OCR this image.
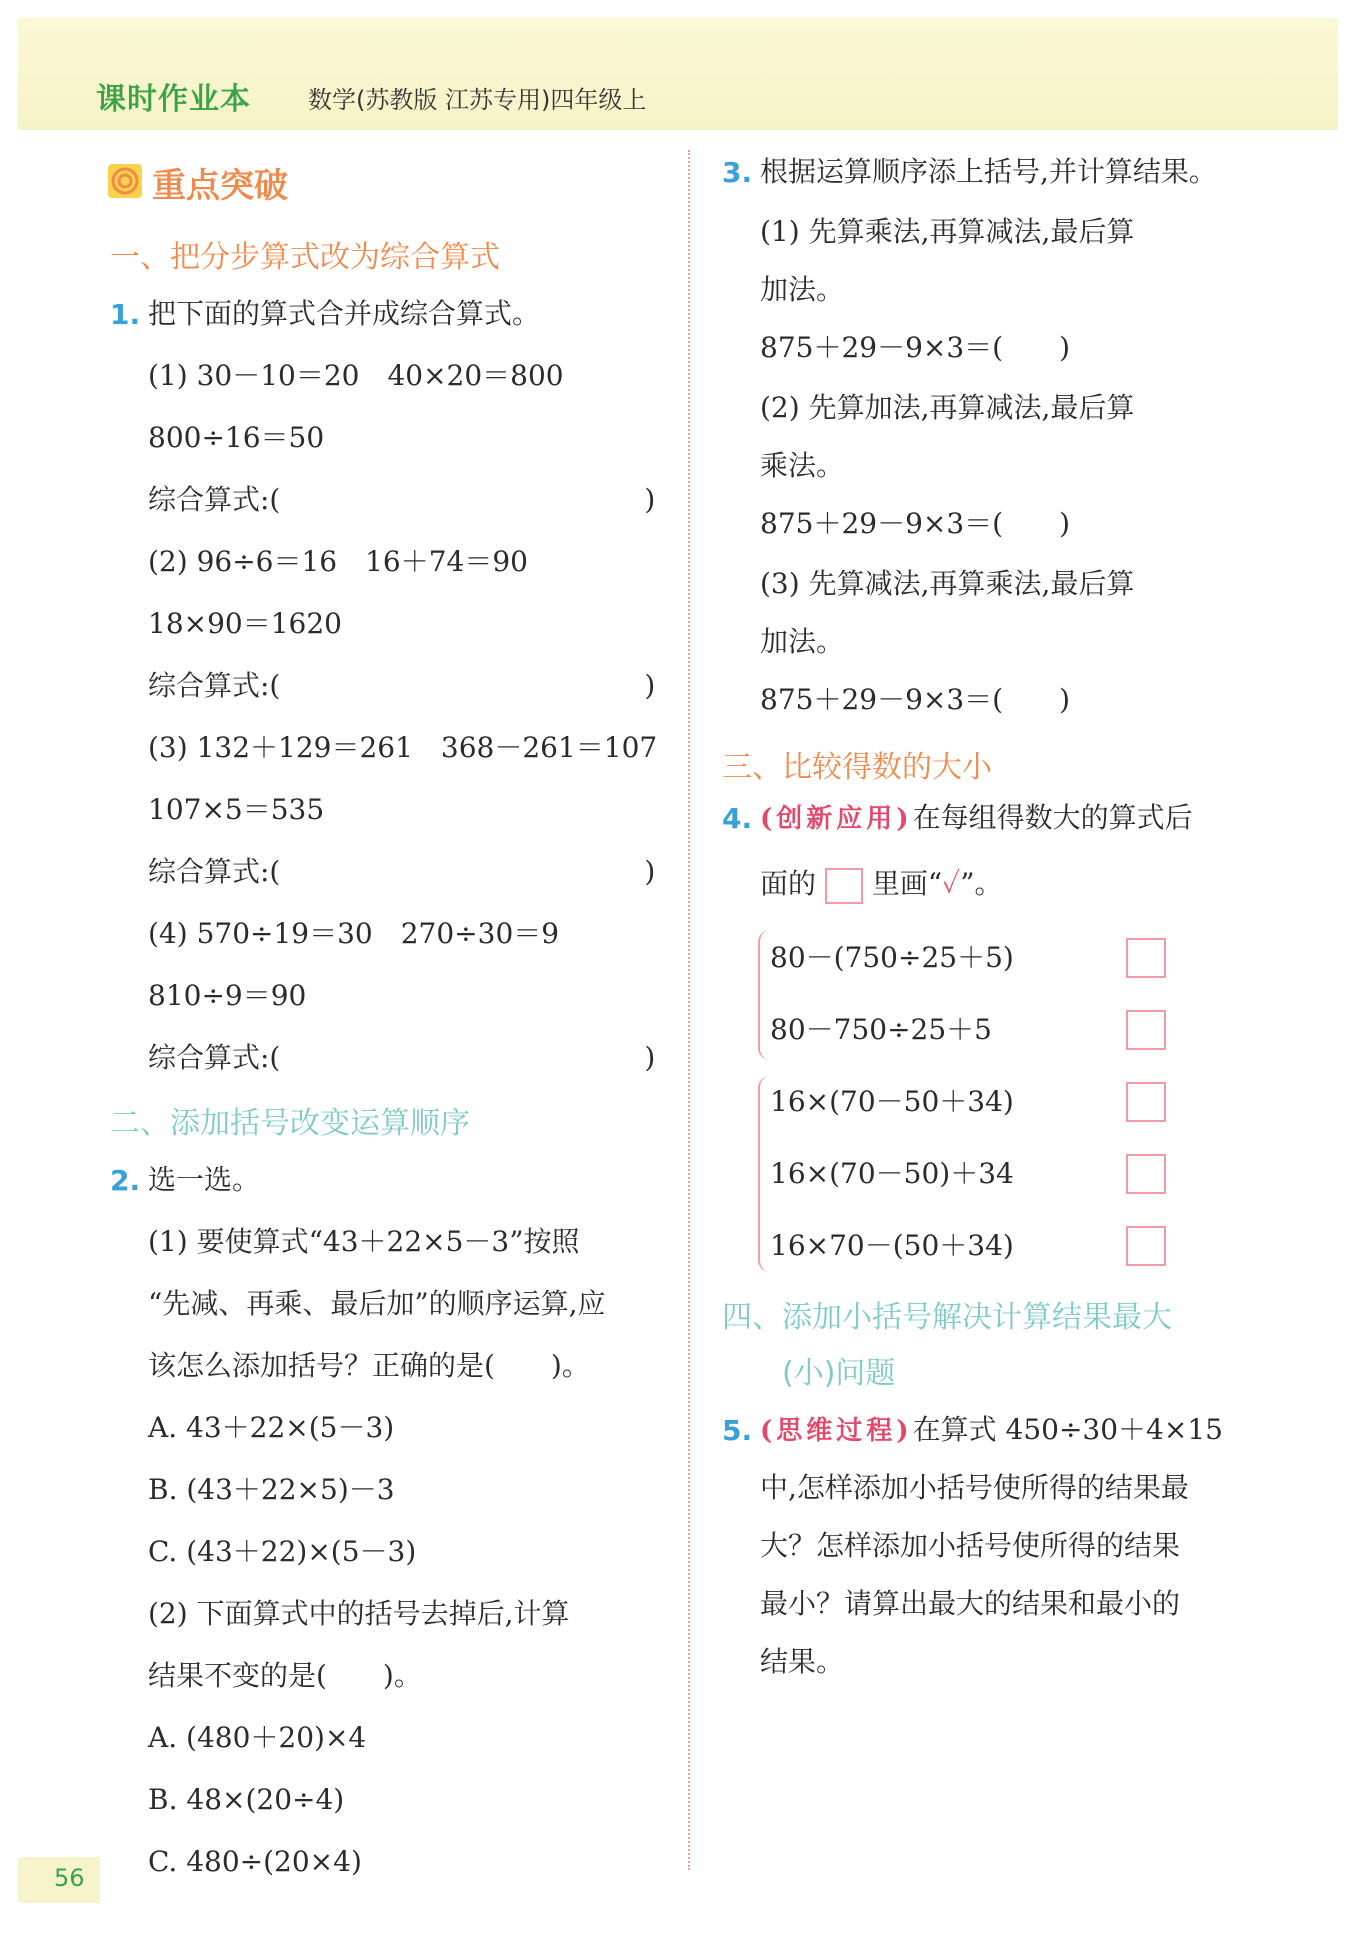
课时作业本 数学(苏教版 江苏专用)四年级上
重点突破
一、把分步算式改为综合算式
1. 把下面的算式合并成综合算式。
(1) 30－10＝20　40×20＝800
800÷16＝50
综合算式:(　　　　　　　　　　　　　)
(2) 96÷6＝16　16＋74＝90
18×90＝1620
综合算式:(　　　　　　　　　　　　　)
(3) 132＋129＝261　368－261＝107
107×5＝535
综合算式:(　　　　　　　　　　　　　)
(4) 570÷19＝30　270÷30＝9
810÷9＝90
综合算式:(　　　　　　　　　　　　　)
二、添加括号改变运算顺序
2. 选一选。
(1) 要使算式“43＋22×5－3”按照
“先减、再乘、最后加”的顺序运算,应
该怎么添加括号？正确的是(　　)。
A. 43＋22×(5－3)
B. (43＋22×5)－3
C. (43＋22)×(5－3)
(2) 下面算式中的括号去掉后,计算
结果不变的是(　　)。
A. (480＋20)×4
B. 48×(20÷4)
C. 480÷(20×4)
3. 根据运算顺序添上括号,并计算结果。
(1) 先算乘法,再算减法,最后算
加法。
875＋29－9×3＝(　　)
(2) 先算加法,再算减法,最后算
乘法。
875＋29－9×3＝(　　)
(3) 先算减法,再算乘法,最后算
加法。
875＋29－9×3＝(　　)
三、比较得数的大小
4. (创新应用)在每组得数大的算式后
面的 里画“✓”。
80－(750÷25＋5)
80－750÷25＋5
16×(70－50＋34)
16×(70－50)＋34
16×70－(50＋34)
四、添加小括号解决计算结果最大
(小)问题
5. (思维过程)在算式 450÷30＋4×15
中,怎样添加小括号使所得的结果最
大？怎样添加小括号使所得的结果
最小？请算出最大的结果和最小的
结果。
56
